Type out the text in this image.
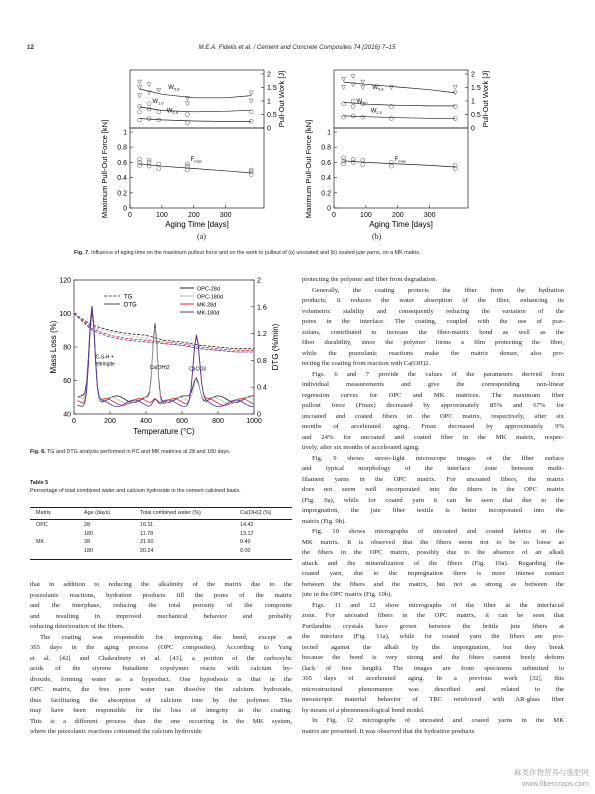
12	M.E.A. Fidelis et al. / Cement and Concrete Composites 74 (2016) 7–15
0	100	200	300
0
0.2
0.4
0.6
0.8
1
0
0.5
1
1.5
2
Aging Time [days]
Maximum Pull-Out Force [kN]
Pull-Out Work [J]
$W_{0.6}$
$W_{1.0}$
$W_{2.0}$
$F_{max}$
0	100	200	300
0
0.2
0.4
0.6
0.8
1
0
0.5
1
1.5
2
Aging Time [days]
Maximum Pull-Out Force [kN]
Pull-Out Work [J]
$W_{0.6}$
$W_{1.0}$
$W_{2.0}$
$F_{max}$
(a)	(b)
Fig. 7. Influence of aging time on the maximum pullout force and on the work to pullout of (a) uncoated and (b) coated jute yarns, on a MK matrix.
0	200	400	600	800	1000
40
60
80
100
120
0
0.4
0.8
1.2
1.6
2
Temperature (°C)
Mass Loss (%)	DTG (%/min)
TG
DTG
OPC-28d
OPC-180d
MK-28d
MK-180d
C-S-H +
ettringite
Ca(OH)2	CaCO3
Fig. 8. TG and DTG analysis performed in PC and MK matrices at 28 and 180 days.
Table 5
Percentage of total combined water and calcium hydroxide in the cement calcined basis.
Matrix	Age (days)	Total combined water (%)	Ca(OH)2 (%)
OPC	28	16.11	14.42
180	11.78	13.17
MK	28	21.60	0.49
180	20.24	0.00

that in addition to reducing the alkalinity of the matrix due to the

pozzolanic reactions, hydration products fill the pores of the matrix

and the interphase, reducing the total porosity of the composite

and resulting in improved mechanical behavior and probably

reducing deterioration of the fibers.

The coating was responsible for improving the bond, except at

365 days in the aging process (OPC composites). According to Yang

et al. [42] and Chakraborty et al. [43], a portion of the carboxylic

acids of the styrene butadiene copolymer reacts with calcium hy-

droxide, forming water as a byproduct. One hypothesis is that in the

OPC matrix, the free pore water can dissolve the calcium hydroxide,

thus facilitating the absorption of calcium ions by the polymer. This

may have been responsible for the loss of integrity in the coating.

This is a different process than the one occurring in the MK system,

where the pozzolanic reactions consumed the calcium hydroxide

protecting the polymer and fiber from degradation.

Generally, the coating protects the fiber from the hydration

products; it reduces the water absorption of the fiber, enhancing its

volumetric stability and consequently reducing the variation of the

pores in the interface. The coating, coupled with the use of poz-

zolans, contributed to increase the fiber-matrix bond as well as the

fiber durability, since the polymer forms a film protecting the fiber,

while the pozzolanic reactions make the matrix denser, also pro-

tecting the coating from reaction with Ca(OH)2.

Figs. 6 and 7 provide the values of the parameters derived from

individual measurements and give the corresponding non-linear

regression curves for OPC and MK matrices. The maximum fiber

pullout force (Fmax) decreased by approximately 85% and 67% for

uncoated and coated fibers in the OPC matrix, respectively, after six

months of accelerated aging. Fmax decreased by approximately 9%

and 24% for uncoated and coated fiber in the MK matrix, respec-

tively, after six months of accelerated aging.

Fig. 9 shows stereo-light microscope images of the fiber surface

and typical morphology of the interface zone between multi-

filament yarns in the OPC matrix. For uncoated fibers, the matrix

does not seem well incorporated into the fibers in the OPC matrix

(Fig. 9a), while for coated yarn it can be seen that due to the

impregnation, the jute fiber textile is better incorporated into the

matrix (Fig. 9b).

Fig. 10 shows micrographs of uncoated and coated fabrics in the

MK matrix. It is observed that the fibers seem not to be so loose as

the fibers in the OPC matrix, possibly due to the absence of an alkali

attack and the mineralization of the fibers (Fig. 10a). Regarding the

coated yarn, due to the impregnation there is more intense contact

between the fibers and the matrix, but not as strong as between the

jute in the OPC matrix (Fig. 10b).

Figs. 11 and 12 show micrographs of the fiber at the interfacial

zone. For uncoated fibers in the OPC matrix, it can be seen that

Portlandite crystals have grown between the brittle jute fibers at

the interface (Fig. 11a), while for coated yarn the fibers are pro-

tected against the alkali by the impregnation, but they break

because the bond is very strong and the fibers cannot freely deform

(lack of free length). The images are from specimens submitted to

365 days of accelerated aging. In a previous work [32], this

microstructural phenomenon was described and related to the

mesoscopic material behavior of TRC reinforced with AR-glass fiber

by means of a phenomenological bond model.

In Fig. 12 micrographs of uncoated and coated yarns in the MK

matrix are presented. It was observed that the hydration products

麻类作物营养与施肥网
www.fibercrops.com
